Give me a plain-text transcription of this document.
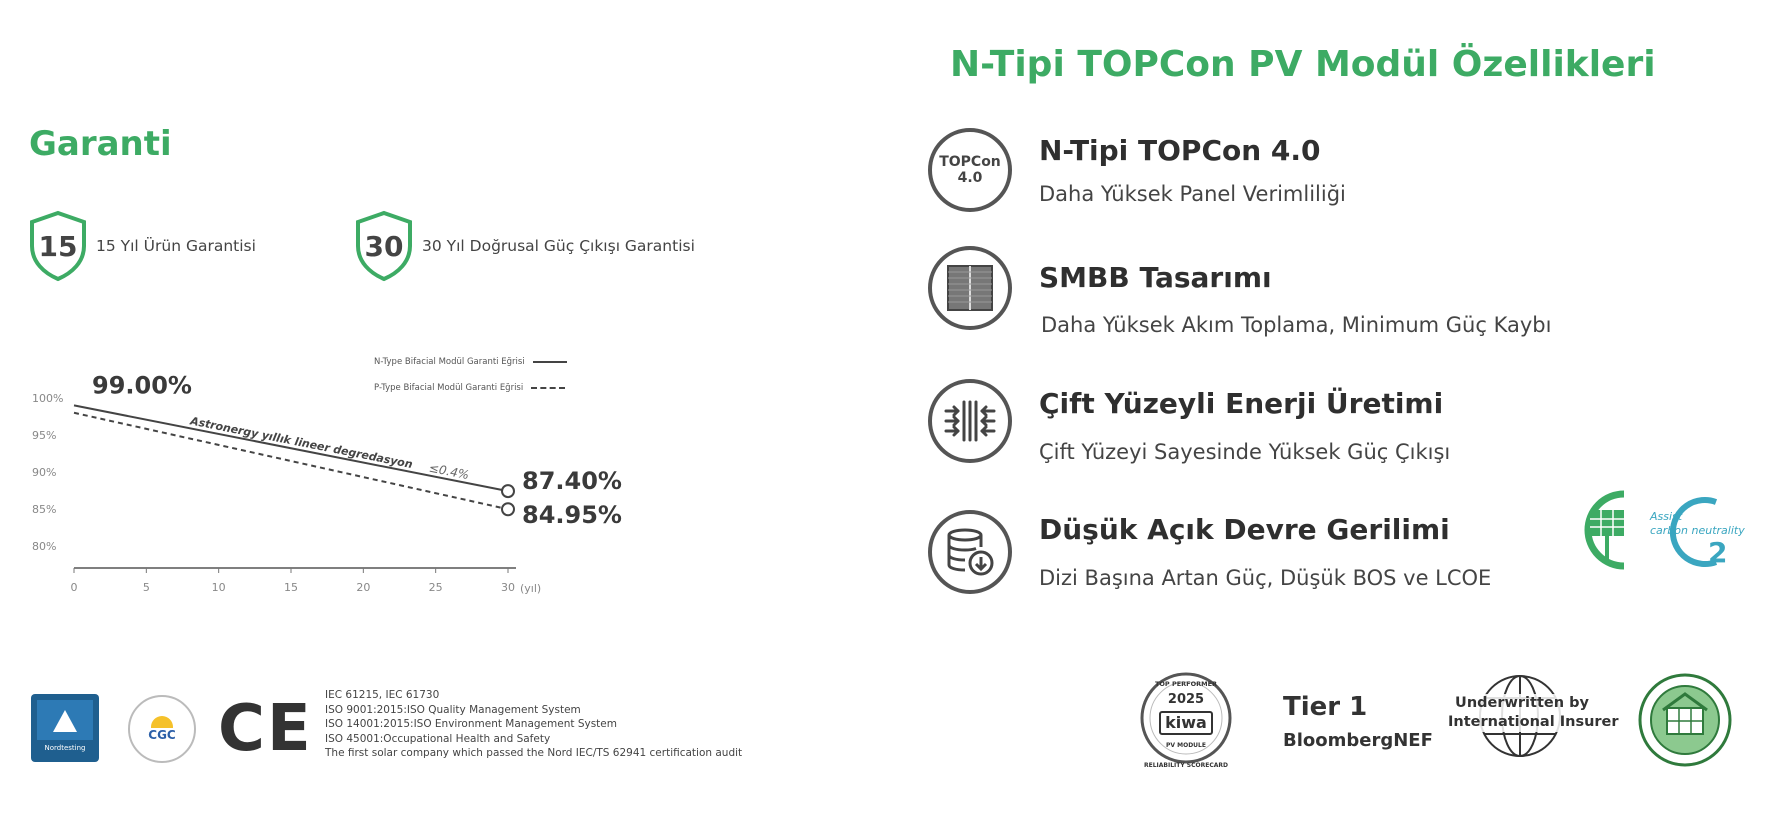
Garanti
15 15 Yıl Ürün Garantisi	30 30 Yıl Doğrusal Güç Çıkışı Garantisi
N-Type Bifacial Modül Garanti Eğrisi
P-Type Bifacial Modül Garanti Eğrisi
0	5	10	15	20	25	30 (yıl)
100%
95%
90%
85%
80%
99.00%
87.40%
84.95%
Astronergy yıllık lineer degredasyon
≤0.4%
Nordtesting
CGC CE IEC 61215, IEC 61730
ISO 9001:2015:ISO Quality Management System
ISO 14001:2015:ISO Environment Management System
ISO 45001:Occupational Health and Safety
The first solar company which passed the Nord IEC/TS 62941 certification audit
N-Tipi TOPCon PV Modül Özellikleri
TOPCon
4.0
N-Tipi TOPCon 4.0
Daha Yüksek Panel Verimliliği
SMBB Tasarımı
Daha Yüksek Akım Toplama, Minimum Güç Kaybı
Çift Yüzeyli Enerji Üretimi
Çift Yüzeyi Sayesinde Yüksek Güç Çıkışı
Düşük Açık Devre Gerilimi
Dizi Başına Artan Güç, Düşük BOS ve LCOE
Assist
carbon neutrality
2
TOP PERFORMER
2025
kiwa
PV MODULE
RELIABILITY SCORECARD
Tier 1
BloombergNEF
Underwritten by
International Insurer
